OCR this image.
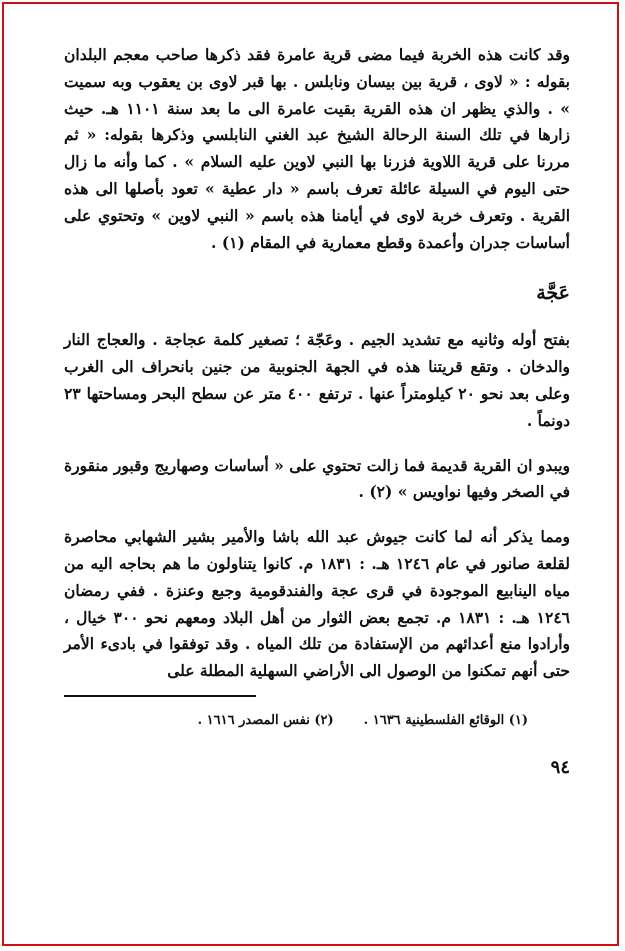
وقد كانت هذه الخربة فيما مضى قرية عامرة فقد ذكرها صاحب معجم البلدان بقوله : « لاوى ، قرية بين بيسان ونابلس . بها قبر لاوى بن يعقوب وبه سميت » . والذي يظهر ان هذه القرية بقيت عامرة الى ما بعد سنة ١١٠١ هـ. حيث زارها في تلك السنة الرحالة الشيخ عبد الغني النابلسي وذكرها بقوله: « ثم مررنا على قرية اللاوية فزرنا بها النبي لاوين عليه السلام » . كما وأنه ما زال حتى اليوم في السيلة عائلة تعرف باسم « دار عطية » تعود بأصلها الى هذه القرية . وتعرف خربة لاوى في أيامنا هذه باسم « النبي لاوين » وتحتوي على أساسات جدران وأعمدة وقطع معمارية في المقام (١) .

عَجَّة

بفتح أوله وثانيه مع تشديد الجيم . وعَجّة ؛ تصغير كلمة عجاجة . والعجاج النار والدخان . وتقع قريتنا هذه في الجهة الجنوبية من جنين بانحراف الى الغرب وعلى بعد نحو ٢٠ كيلومتراً عنها . ترتفع ٤٠٠ متر عن سطح البحر ومساحتها ٢٣ دونماً .

ويبدو ان القرية قديمة فما زالت تحتوي على « أساسات وصهاريج وقبور منقورة في الصخر وفيها نواويس » (٢) .

ومما يذكر أنه لما كانت جيوش عبد الله باشا والأمير بشير الشهابي محاصرة لقلعة صانور في عام ١٢٤٦ هـ. : ١٨٣١ م. كانوا يتناولون ما هم بحاجه اليه من مياه الينابيع الموجودة في قرى عجة والفندقومية وجبع وعنزة . ففي رمضان ١٢٤٦ هـ. : ١٨٣١ م. تجمع بعض الثوار من أهل البلاد ومعهم نحو ٣٠٠ خيال ، وأرادوا منع أعدائهم من الإستفادة من تلك المياه . وقد توفقوا في بادىء الأمر حتى أنهم تمكنوا من الوصول الى الأراضي السهلية المطلة على

(١) الوقائع الفلسطينية ١٦٣٦ .
(٢) نفس المصدر ١٦١٦ .
٩٤
